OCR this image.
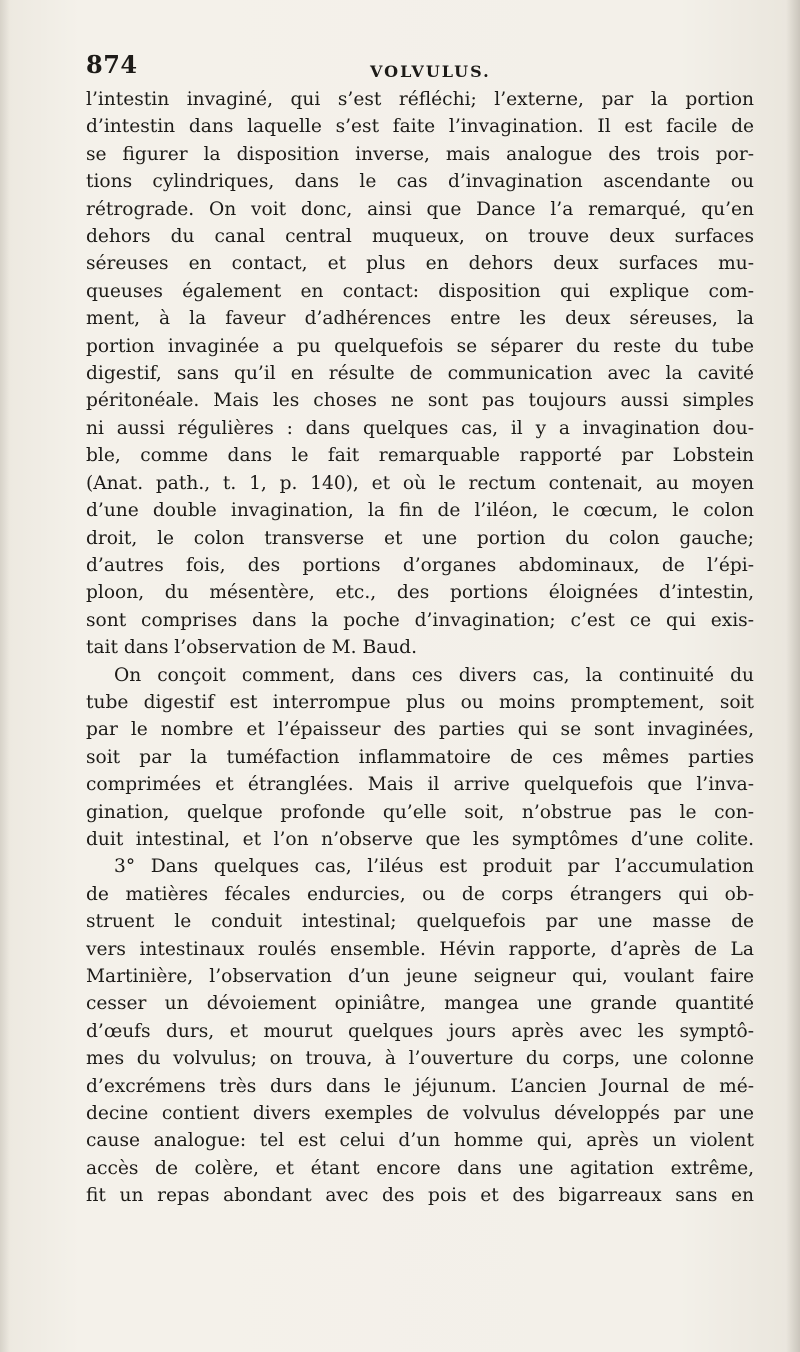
874	VOLVULUS.
l’intestin invaginé, qui s’est réfléchi; l’externe, par la portion
d’intestin dans laquelle s’est faite l’invagination. Il est facile de
se figurer la disposition inverse, mais analogue des trois por-
tions cylindriques, dans le cas d’invagination ascendante ou
rétrograde. On voit donc, ainsi que Dance l’a remarqué, qu’en
dehors du canal central muqueux, on trouve deux surfaces
séreuses en contact, et plus en dehors deux surfaces mu-
queuses également en contact: disposition qui explique com-
ment, à la faveur d’adhérences entre les deux séreuses, la
portion invaginée a pu quelquefois se séparer du reste du tube
digestif, sans qu’il en résulte de communication avec la cavité
péritonéale. Mais les choses ne sont pas toujours aussi simples
ni aussi régulières : dans quelques cas, il y a invagination dou-
ble, comme dans le fait remarquable rapporté par Lobstein
(Anat. path., t. 1, p. 140), et où le rectum contenait, au moyen
d’une double invagination, la fin de l’iléon, le cœcum, le colon
droit, le colon transverse et une portion du colon gauche;
d’autres fois, des portions d’organes abdominaux, de l’épi-
ploon, du mésentère, etc., des portions éloignées d’intestin,
sont comprises dans la poche d’invagination; c’est ce qui exis-
tait dans l’observation de M. Baud.
On conçoit comment, dans ces divers cas, la continuité du
tube digestif est interrompue plus ou moins promptement, soit
par le nombre et l’épaisseur des parties qui se sont invaginées,
soit par la tuméfaction inflammatoire de ces mêmes parties
comprimées et étranglées. Mais il arrive quelquefois que l’inva-
gination, quelque profonde qu’elle soit, n’obstrue pas le con-
duit intestinal, et l’on n’observe que les symptômes d’une colite.
3° Dans quelques cas, l’iléus est produit par l’accumulation
de matières fécales endurcies, ou de corps étrangers qui ob-
struent le conduit intestinal; quelquefois par une masse de
vers intestinaux roulés ensemble. Hévin rapporte, d’après de La
Martinière, l’observation d’un jeune seigneur qui, voulant faire
cesser un dévoiement opiniâtre, mangea une grande quantité
d’œufs durs, et mourut quelques jours après avec les symptô-
mes du volvulus; on trouva, à l’ouverture du corps, une colonne
d’excrémens très durs dans le jéjunum. L’ancien Journal de mé-
decine contient divers exemples de volvulus développés par une
cause analogue: tel est celui d’un homme qui, après un violent
accès de colère, et étant encore dans une agitation extrême,
fit un repas abondant avec des pois et des bigarreaux sans en
